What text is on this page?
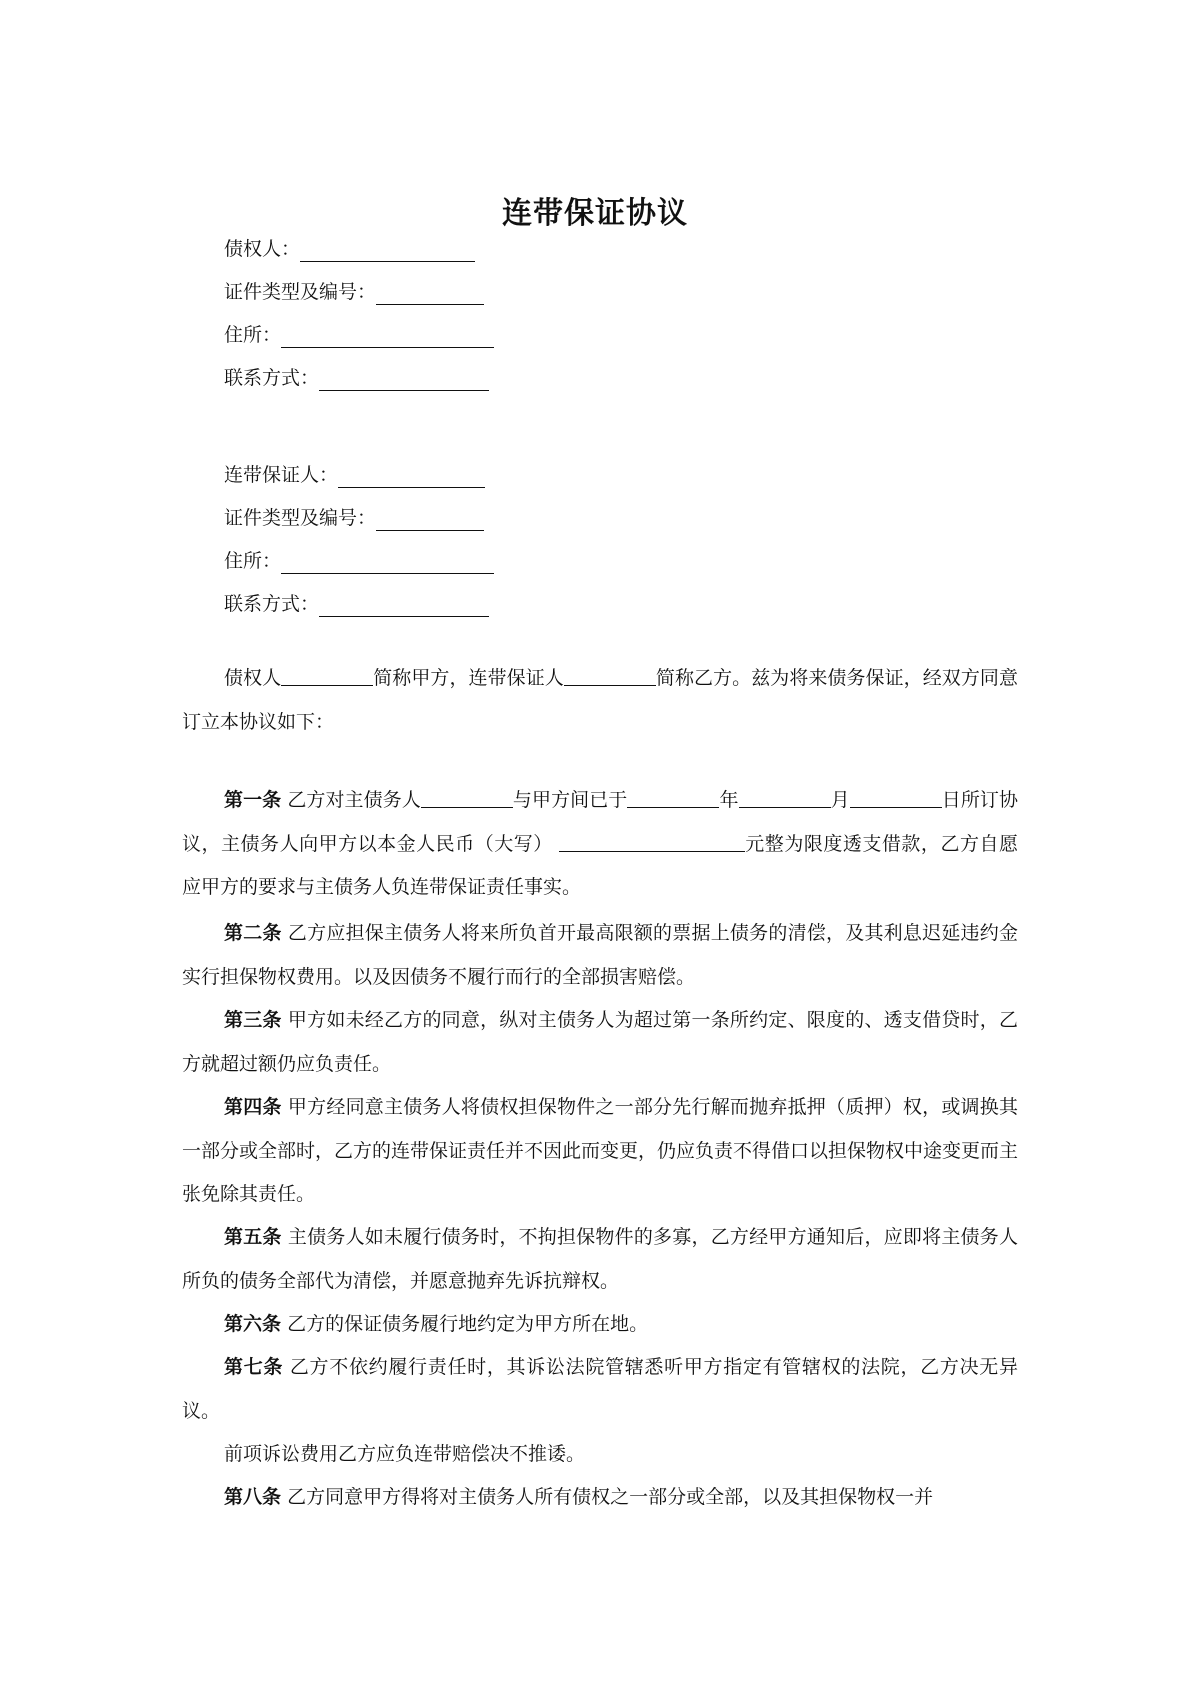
连带保证协议
债权人：
证件类型及编号：
住所：
联系方式：
连带保证人：
证件类型及编号：
住所：
联系方式：
债权人	简称甲方，连带保证人	简称乙方。兹为将来债务保证，经双方同意订立本协议如下：
第一条 乙方对主债务人	与甲方间已于	年	月	日所订协议，主债务人向甲方以本金人民币（大写）	元整为限度透支借款，乙方自愿应甲方的要求与主债务人负连带保证责任事实。
第二条 乙方应担保主债务人将来所负首开最高限额的票据上债务的清偿，及其利息迟延违约金实行担保物权费用。以及因债务不履行而行的全部损害赔偿。
第三条 甲方如未经乙方的同意，纵对主债务人为超过第一条所约定、限度的、透支借贷时，乙方就超过额仍应负责任。
第四条 甲方经同意主债务人将债权担保物件之一部分先行解而抛弃抵押（质押）权，或调换其一部分或全部时，乙方的连带保证责任并不因此而变更，仍应负责不得借口以担保物权中途变更而主张免除其责任。
第五条 主债务人如未履行债务时，不拘担保物件的多寡，乙方经甲方通知后，应即将主债务人所负的债务全部代为清偿，并愿意抛弃先诉抗辩权。
第六条 乙方的保证债务履行地约定为甲方所在地。
第七条 乙方不依约履行责任时，其诉讼法院管辖悉听甲方指定有管辖权的法院，乙方决无异议。
前项诉讼费用乙方应负连带赔偿决不推诿。
第八条 乙方同意甲方得将对主债务人所有债权之一部分或全部，以及其担保物权一并
